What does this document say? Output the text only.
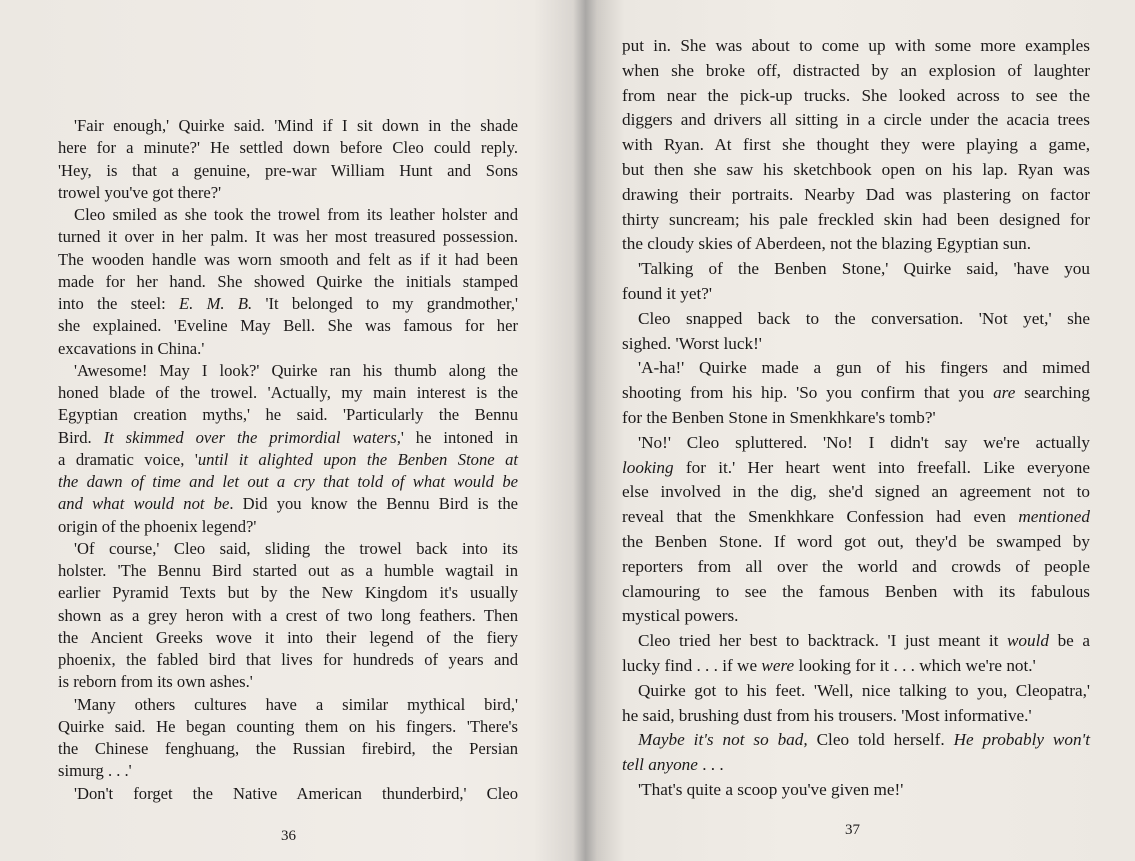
'Fair enough,' Quirke said. 'Mind if I sit down in the shade
here for a minute?' He settled down before Cleo could reply.
'Hey, is that a genuine, pre-war William Hunt and Sons
trowel you've got there?'
Cleo smiled as she took the trowel from its leather holster and
turned it over in her palm. It was her most treasured possession.
The wooden handle was worn smooth and felt as if it had been
made for her hand. She showed Quirke the initials stamped
into the steel: E. M. B. 'It belonged to my grandmother,'
she explained. 'Eveline May Bell. She was famous for her
excavations in China.'
'Awesome! May I look?' Quirke ran his thumb along the
honed blade of the trowel. 'Actually, my main interest is the
Egyptian creation myths,' he said. 'Particularly the Bennu
Bird. It skimmed over the primordial waters,' he intoned in
a dramatic voice, 'until it alighted upon the Benben Stone at
the dawn of time and let out a cry that told of what would be
and what would not be. Did you know the Bennu Bird is the
origin of the phoenix legend?'
'Of course,' Cleo said, sliding the trowel back into its
holster. 'The Bennu Bird started out as a humble wagtail in
earlier Pyramid Texts but by the New Kingdom it's usually
shown as a grey heron with a crest of two long feathers. Then
the Ancient Greeks wove it into their legend of the fiery
phoenix, the fabled bird that lives for hundreds of years and
is reborn from its own ashes.'
'Many others cultures have a similar mythical bird,'
Quirke said. He began counting them on his fingers. 'There's
the Chinese fenghuang, the Russian firebird, the Persian
simurg . . .'
'Don't forget the Native American thunderbird,' Cleo
put in. She was about to come up with some more examples
when she broke off, distracted by an explosion of laughter
from near the pick-up trucks. She looked across to see the
diggers and drivers all sitting in a circle under the acacia trees
with Ryan. At first she thought they were playing a game,
but then she saw his sketchbook open on his lap. Ryan was
drawing their portraits. Nearby Dad was plastering on factor
thirty suncream; his pale freckled skin had been designed for
the cloudy skies of Aberdeen, not the blazing Egyptian sun.
'Talking of the Benben Stone,' Quirke said, 'have you
found it yet?'
Cleo snapped back to the conversation. 'Not yet,' she
sighed. 'Worst luck!'
'A-ha!' Quirke made a gun of his fingers and mimed
shooting from his hip. 'So you confirm that you are searching
for the Benben Stone in Smenkhkare's tomb?'
'No!' Cleo spluttered. 'No! I didn't say we're actually
looking for it.' Her heart went into freefall. Like everyone
else involved in the dig, she'd signed an agreement not to
reveal that the Smenkhkare Confession had even mentioned
the Benben Stone. If word got out, they'd be swamped by
reporters from all over the world and crowds of people
clamouring to see the famous Benben with its fabulous
mystical powers.
Cleo tried her best to backtrack. 'I just meant it would be a
lucky find . . . if we were looking for it . . . which we're not.'
Quirke got to his feet. 'Well, nice talking to you, Cleopatra,'
he said, brushing dust from his trousers. 'Most informative.'
Maybe it's not so bad, Cleo told herself. He probably won't
tell anyone . . .
'That's quite a scoop you've given me!'
36	37
